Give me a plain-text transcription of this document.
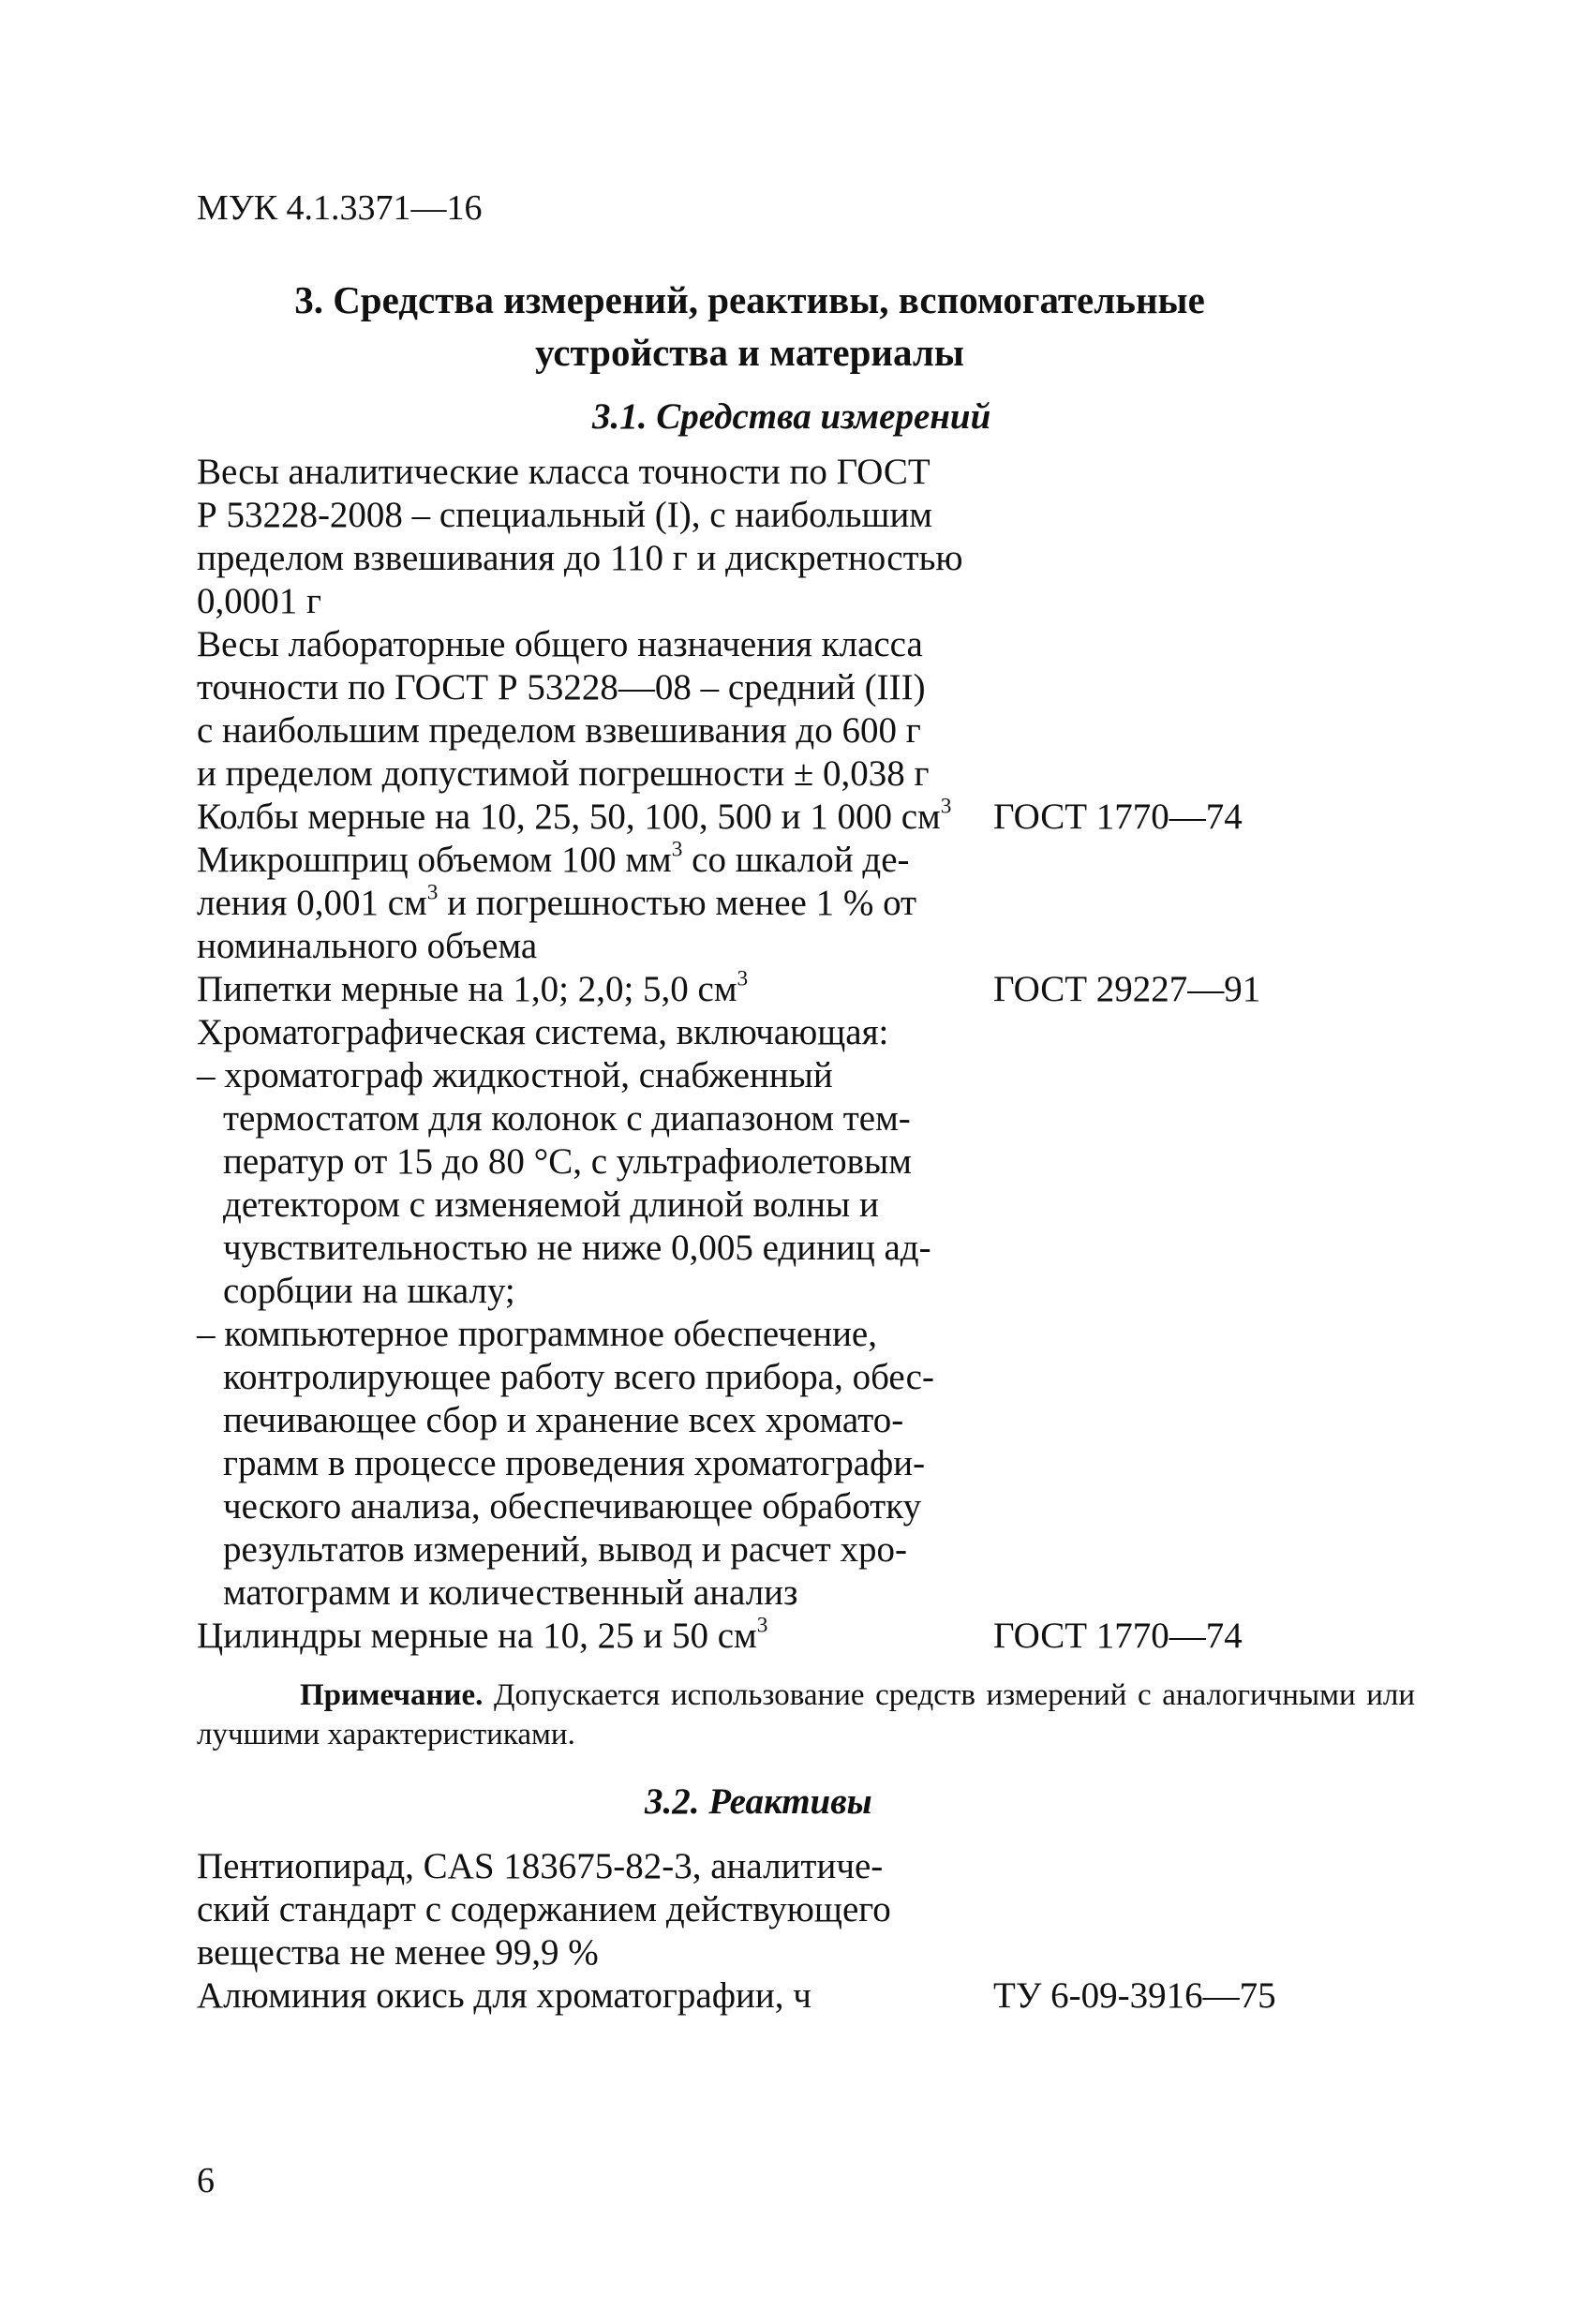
МУК 4.1.3371—16
3. Средства измерений, реактивы, вспомогательные
устройства и материалы
3.1. Средства измерений
Весы аналитические класса точности по ГОСТ
Р 53228-2008 – специальный (I), с наибольшим
пределом взвешивания до 110 г и дискретностью
0,0001 г
Весы лабораторные общего назначения класса
точности по ГОСТ Р 53228—08 – средний (III)
с наибольшим пределом взвешивания до 600 г
и пределом допустимой погрешности ± 0,038 г
Колбы мерные на 10, 25, 50, 100, 500 и 1 000 $см^3$ ГОСТ 1770—74
Микрошприц объемом 100 $мм^3$ со шкалой де-
ления 0,001 $см^3$ и погрешностью менее 1 % от
номинального объема
Пипетки мерные на 1,0; 2,0; 5,0 $см^3$	ГОСТ 29227—91
Хроматографическая система, включающая:
– хроматограф жидкостной, снабженный
термостатом для колонок с диапазоном тем-
ператур от 15 до 80 °С, с ультрафиолетовым
детектором с изменяемой длиной волны и
чувствительностью не ниже 0,005 единиц ад-
сорбции на шкалу;
– компьютерное программное обеспечение,
контролирующее работу всего прибора, обес-
печивающее сбор и хранение всех хромато-
грамм в процессе проведения хроматографи-
ческого анализа, обеспечивающее обработку
результатов измерений, вывод и расчет хро-
матограмм и количественный анализ
Цилиндры мерные на 10, 25 и 50 $см^3$	ГОСТ 1770—74
Примечание. Допускается использование средств измерений с аналогичными или лучшими характеристиками.
3.2. Реактивы
Пентиопирад, CAS 183675-82-3, аналитиче-
ский стандарт с содержанием действующего
вещества не менее 99,9 %
Алюминия окись для хроматографии, ч	ТУ 6-09-3916—75
6
